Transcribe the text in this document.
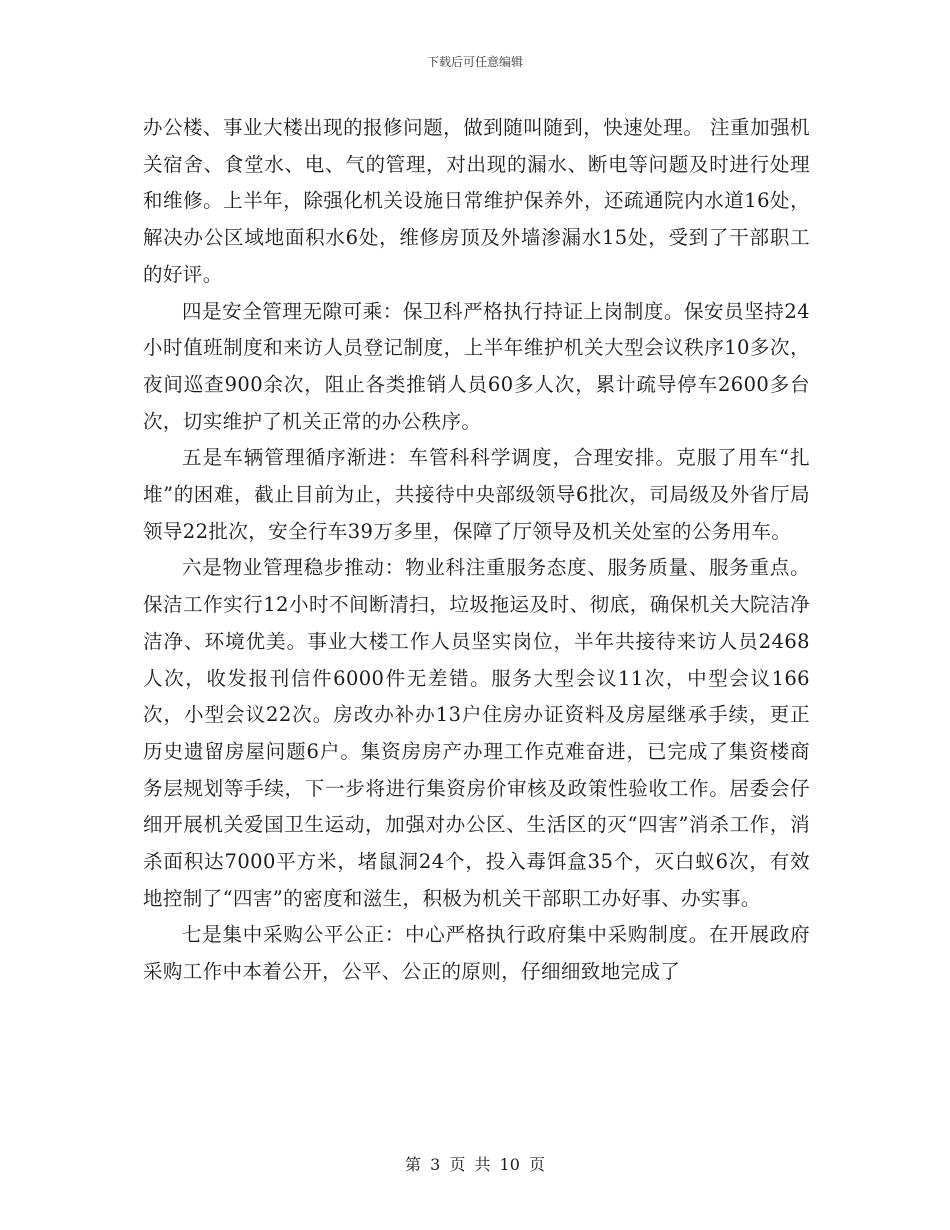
下载后可任意编辑

办公楼、事业大楼出现的报修问题，做到随叫随到，快速处理。 注重加强机关宿舍、食堂水、电、气的管理，对出现的漏水、断电等问题及时进行处理和维修。上半年，除强化机关设施日常维护保养外，还疏通院内水道16处，解决办公区域地面积水6处，维修房顶及外墙渗漏水15处，受到了干部职工的好评。

四是安全管理无隙可乘：保卫科严格执行持证上岗制度。保安员坚持24小时值班制度和来访人员登记制度，上半年维护机关大型会议秩序10多次，夜间巡查900余次，阻止各类推销人员60多人次，累计疏导停车2600多台次，切实维护了机关正常的办公秩序。

五是车辆管理循序渐进：车管科科学调度，合理安排。克服了用车“扎堆”的困难，截止目前为止，共接待中央部级领导6批次，司局级及外省厅局领导22批次，安全行车39万多里，保障了厅领导及机关处室的公务用车。

六是物业管理稳步推动：物业科注重服务态度、服务质量、服务重点。保洁工作实行12小时不间断清扫，垃圾拖运及时、彻底，确保机关大院洁净洁净、环境优美。事业大楼工作人员坚实岗位，半年共接待来访人员2468人次，收发报刊信件6000件无差错。服务大型会议11次，中型会议166次，小型会议22次。房改办补办13户住房办证资料及房屋继承手续，更正历史遗留房屋问题6户。集资房房产办理工作克难奋进，已完成了集资楼商务层规划等手续，下一步将进行集资房价审核及政策性验收工作。居委会仔细开展机关爱国卫生运动，加强对办公区、生活区的灭“四害”消杀工作，消杀面积达7000平方米，堵鼠洞24个，投入毒饵盒35个，灭白蚁6次，有效地控制了“四害”的密度和滋生，积极为机关干部职工办好事、办实事。

七是集中采购公平公正：中心严格执行政府集中采购制度。在开展政府采购工作中本着公开，公平、公正的原则，仔细细致地完成了

第 3 页 共 10 页
